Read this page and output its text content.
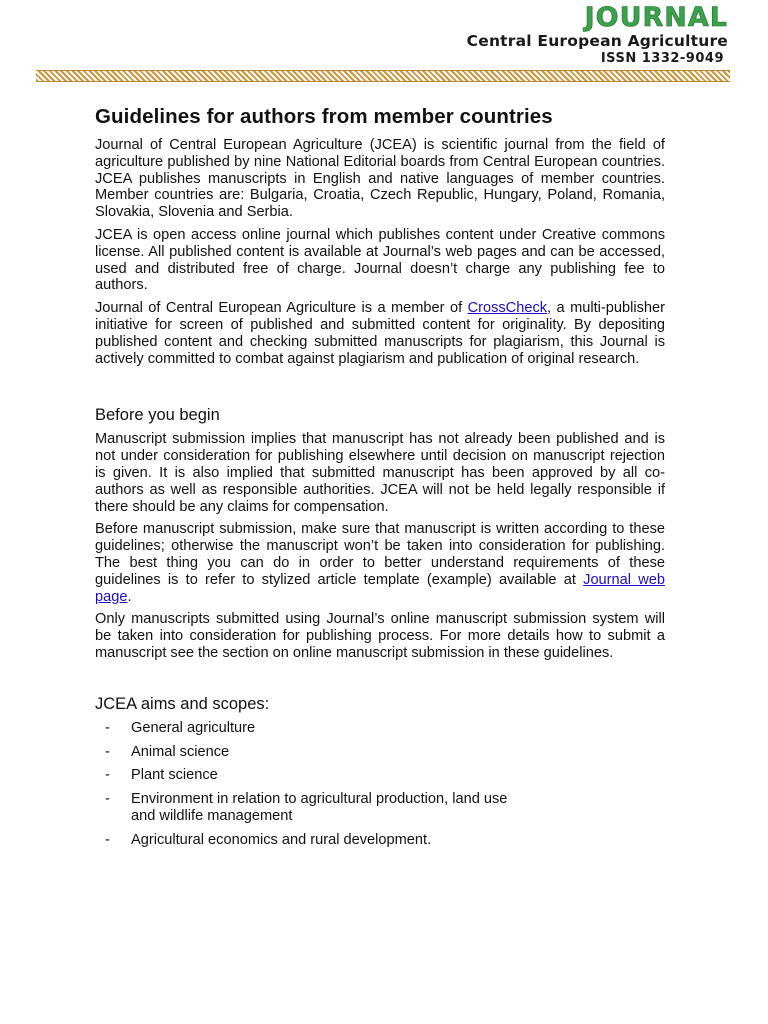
JOURNAL
Central European Agriculture
ISSN 1332-9049
Guidelines for authors from member countries

Journal of Central European Agriculture (JCEA) is scientific journal from the field of agriculture published by nine National Editorial boards from Central European countries. JCEA publishes manuscripts in English and native languages of member countries. Member countries are: Bulgaria, Croatia, Czech Republic, Hungary, Poland, Romania, Slovakia, Slovenia and Serbia.

JCEA is open access online journal which publishes content under Creative commons license. All published content is available at Journal’s web pages and can be accessed, used and distributed free of charge. Journal doesn’t charge any publishing fee to authors.

Journal of Central European Agriculture is a member of CrossCheck, a multi-publisher initiative for screen of published and submitted content for originality. By depositing published content and checking submitted manuscripts for plagiarism, this Journal is actively committed to combat against plagiarism and publication of original research.

Before you begin

Manuscript submission implies that manuscript has not already been published and is not under consideration for publishing elsewhere until decision on manuscript rejection is given. It is also implied that submitted manuscript has been approved by all co-authors as well as responsible authorities. JCEA will not be held legally responsible if there should be any claims for compensation.

Before manuscript submission, make sure that manuscript is written according to these guidelines; otherwise the manuscript won’t be taken into consideration for publishing. The best thing you can do in order to better understand requirements of these guidelines is to refer to stylized article template (example) available at Journal web page.

Only manuscripts submitted using Journal’s online manuscript submission system will be taken into consideration for publishing process. For more details how to submit a manuscript see the section on online manuscript submission in these guidelines.

JCEA aims and scopes:
- General agriculture
- Animal science
- Plant science
- Environment in relation to agricultural production, land use and wildlife management
- Agricultural economics and rural development.
